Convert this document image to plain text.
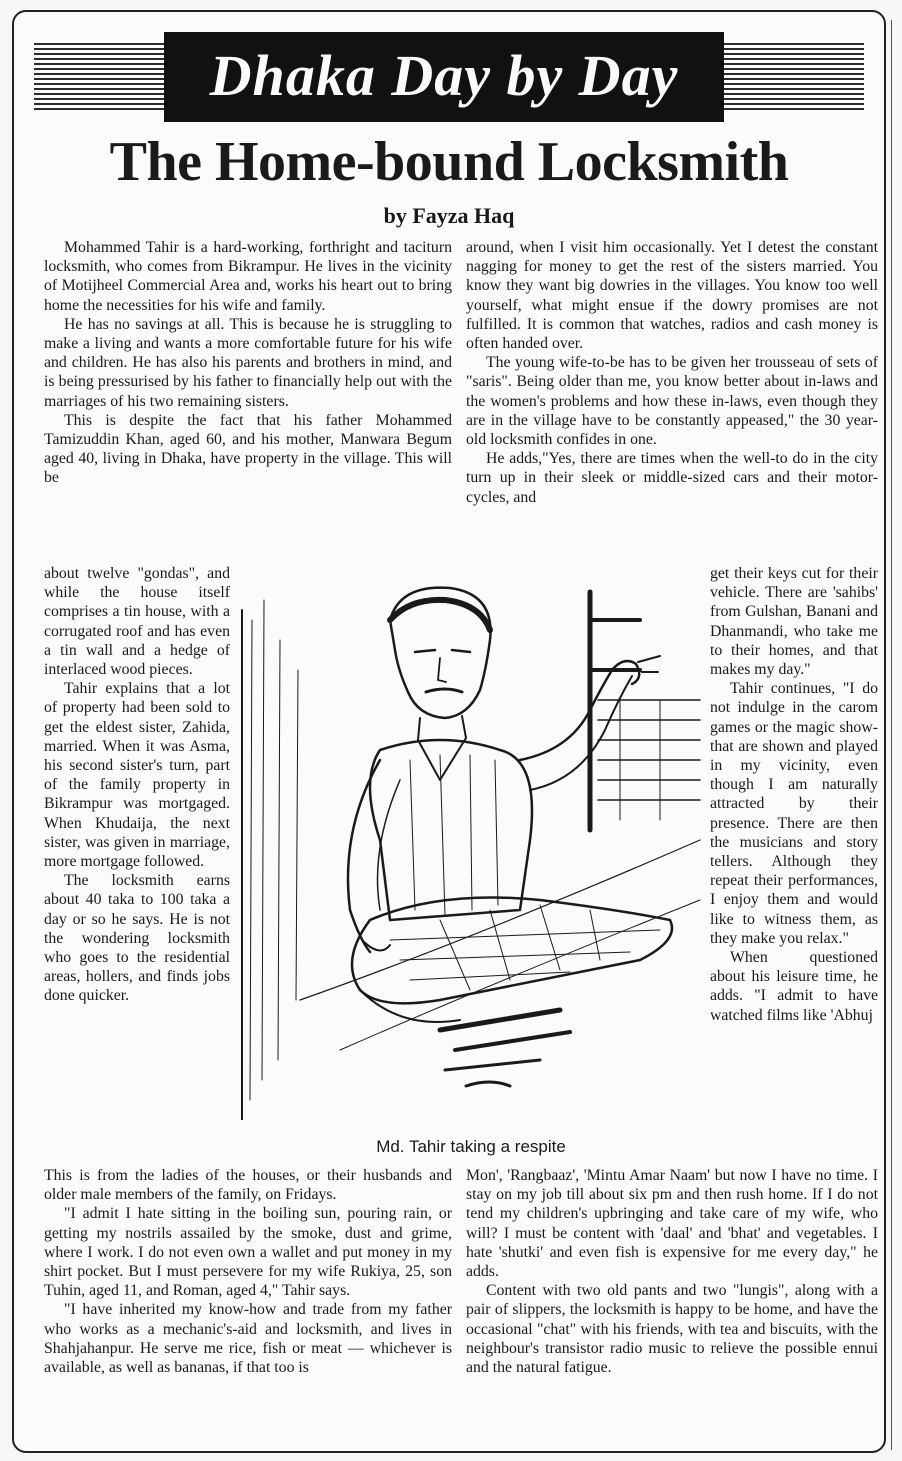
Dhaka Day by Day
The Home-bound Locksmith
by Fayza Haq

Mohammed Tahir is a hard-working, forthright and taciturn locksmith, who comes from Bikrampur. He lives in the vicinity of Motijheel Commercial Area and, works his heart out to bring home the necessities for his wife and family.

He has no savings at all. This is because he is struggling to make a living and wants a more comfortable future for his wife and children. He has also his parents and brothers in mind, and is being pressurised by his father to financially help out with the marriages of his two remaining sisters.

This is despite the fact that his father Mohammed Tamizuddin Khan, aged 60, and his mother, Manwara Begum aged 40, living in Dhaka, have property in the village. This will be

around, when I visit him occasionally. Yet I detest the constant nagging for money to get the rest of the sisters married. You know they want big dowries in the villages. You know too well yourself, what might ensue if the dowry promises are not fulfilled. It is common that watches, radios and cash money is often handed over.

The young wife-to-be has to be given her trousseau of sets of "saris". Being older than me, you know better about in-laws and the women's problems and how these in-laws, even though they are in the village have to be constantly appeased," the 30 year-old locksmith confides in one.

He adds,"Yes, there are times when the well-to do in the city turn up in their sleek or middle-sized cars and their motor-cycles, and

about twelve "gondas", and while the house itself comprises a tin house, with a corrugated roof and has even a tin wall and a hedge of interlaced wood pieces.

Tahir explains that a lot of property had been sold to get the eldest sister, Zahida, married. When it was Asma, his second sister's turn, part of the family property in Bikrampur was mortgaged. When Khudaija, the next sister, was given in marriage, more mortgage followed.

The locksmith earns about 40 taka to 100 taka a day or so he says. He is not the wondering locksmith who goes to the residential areas, hollers, and finds jobs done quicker.

Md. Tahir taking a respite

get their keys cut for their vehicle. There are 'sahibs' from Gulshan, Banani and Dhanmandi, who take me to their homes, and that makes my day."

Tahir continues, "I do not indulge in the carom games or the magic show-that are shown and played in my vicinity, even though I am naturally attracted by their presence. There are then the musicians and story tellers. Although they repeat their performances, I enjoy them and would like to witness them, as they make you relax."

When questioned about his leisure time, he adds. "I admit to have watched films like 'Abhuj

This is from the ladies of the houses, or their husbands and older male members of the family, on Fridays.

"I admit I hate sitting in the boiling sun, pouring rain, or getting my nostrils assailed by the smoke, dust and grime, where I work. I do not even own a wallet and put money in my shirt pocket. But I must persevere for my wife Rukiya, 25, son Tuhin, aged 11, and Roman, aged 4," Tahir says.

"I have inherited my know-how and trade from my father who works as a mechanic's-aid and locksmith, and lives in Shahjahanpur. He serve me rice, fish or meat — whichever is available, as well as bananas, if that too is

Mon', 'Rangbaaz', 'Mintu Amar Naam' but now I have no time. I stay on my job till about six pm and then rush home. If I do not tend my children's upbringing and take care of my wife, who will? I must be content with 'daal' and 'bhat' and vegetables. I hate 'shutki' and even fish is expensive for me every day," he adds.

Content with two old pants and two "lungis", along with a pair of slippers, the locksmith is happy to be home, and have the occasional "chat" with his friends, with tea and biscuits, with the neighbour's transistor radio music to relieve the possible ennui and the natural fatigue.
